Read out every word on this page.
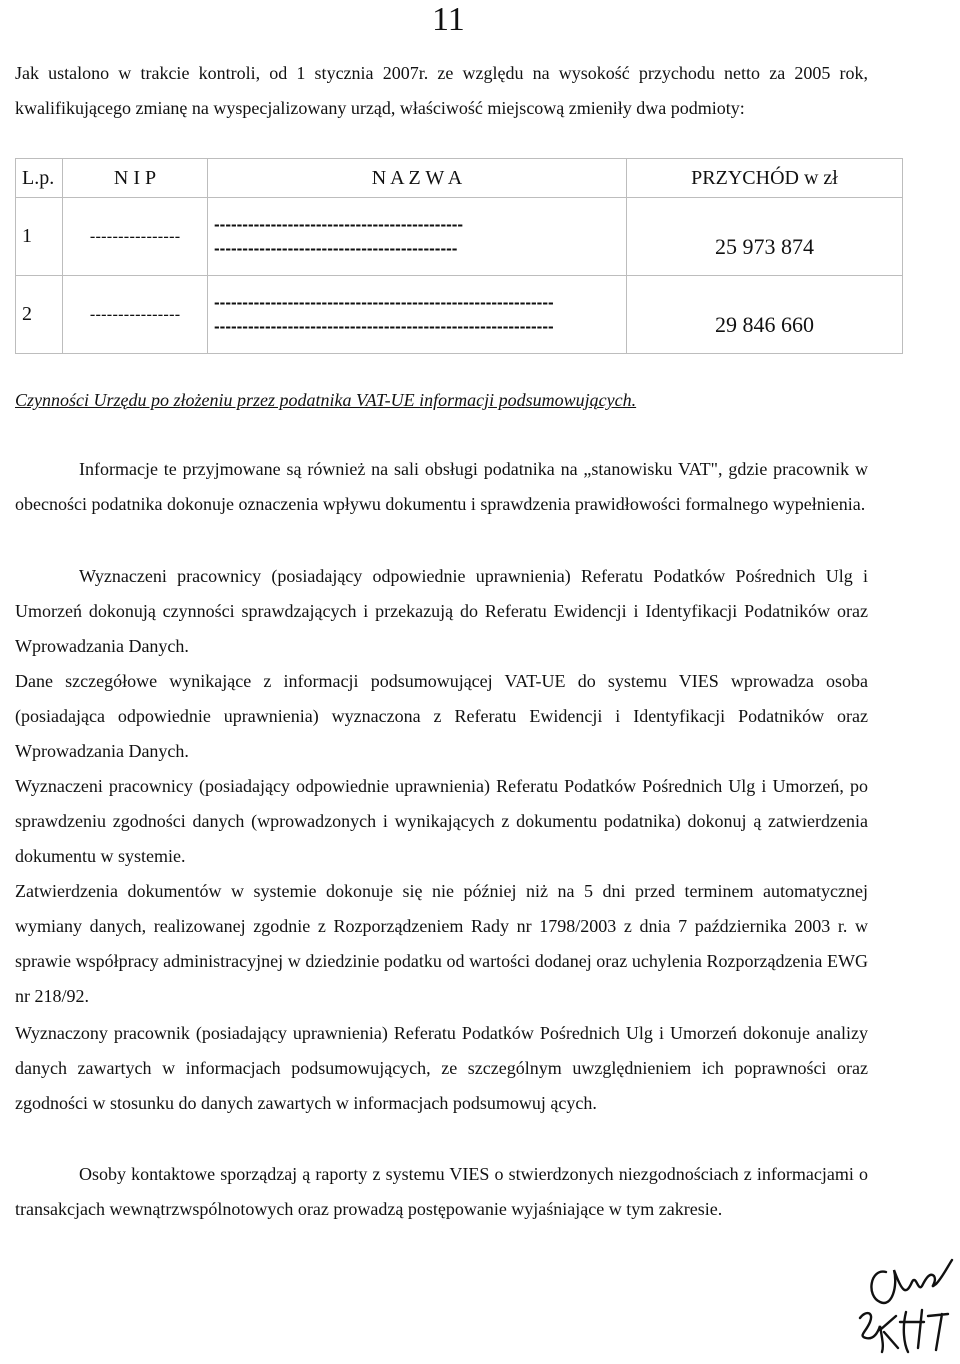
11

Jak ustalono w trakcie kontroli, od 1 stycznia 2007r. ze względu na wysokość przychodu netto za 2005 rok, kwalifikującego zmianę na wyspecjalizowany urząd, właściwość miejscową zmieniły dwa podmioty:

L.p.	N I P	N A Z W A	PRZYCHÓD w zł
1	----------------	--------------------------------------------
-------------------------------------------	25 973 874
2	----------------	------------------------------------------------------------
------------------------------------------------------------	29 846 660
Czynności Urzędu po złożeniu przez podatnika VAT-UE informacji podsumowujących.

Informacje te przyjmowane są również na sali obsługi podatnika na „stanowisku VAT", gdzie pracownik w obecności podatnika dokonuje oznaczenia wpływu dokumentu i sprawdzenia prawidłowości formalnego wypełnienia.

Wyznaczeni pracownicy (posiadający odpowiednie uprawnienia) Referatu Podatków Pośrednich Ulg i Umorzeń dokonują czynności sprawdzających i przekazują do Referatu Ewidencji i Identyfikacji Podatników oraz Wprowadzania Danych.

Dane szczegółowe wynikające z informacji podsumowującej VAT-UE do systemu VIES wprowadza osoba (posiadająca odpowiednie uprawnienia) wyznaczona z Referatu Ewidencji i Identyfikacji Podatników oraz Wprowadzania Danych.

Wyznaczeni pracownicy (posiadający odpowiednie uprawnienia) Referatu Podatków Pośrednich Ulg i Umorzeń, po sprawdzeniu zgodności danych (wprowadzonych i wynikających z dokumentu podatnika) dokonuj ą zatwierdzenia dokumentu w systemie.

Zatwierdzenia dokumentów w systemie dokonuje się nie później niż na 5 dni przed terminem automatycznej wymiany danych, realizowanej zgodnie z Rozporządzeniem Rady nr 1798/2003 z dnia 7 października 2003 r. w sprawie współpracy administracyjnej w dziedzinie podatku od wartości dodanej oraz uchylenia Rozporządzenia EWG nr 218/92.

Wyznaczony pracownik (posiadający uprawnienia) Referatu Podatków Pośrednich Ulg i Umorzeń dokonuje analizy danych zawartych w informacjach podsumowujących, ze szczególnym uwzględnieniem ich poprawności oraz zgodności w stosunku do danych zawartych w informacjach podsumowuj ących.

Osoby kontaktowe sporządzaj ą raporty z systemu VIES o stwierdzonych niezgodnościach z informacjami o transakcjach wewnątrzwspólnotowych oraz prowadzą postępowanie wyjaśniające w tym zakresie.
